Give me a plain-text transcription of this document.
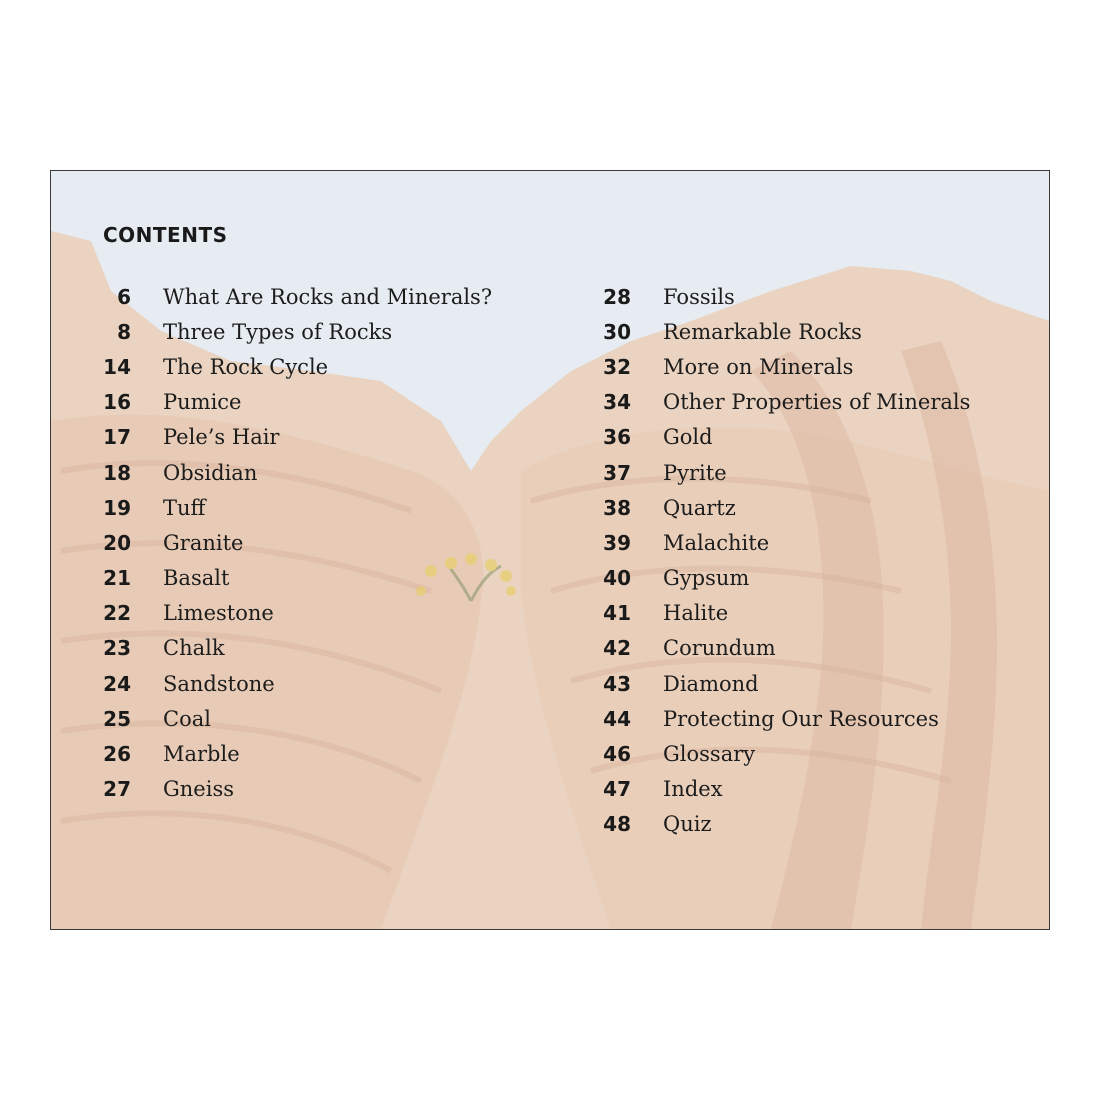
CONTENTS
6 What Are Rocks and Minerals?
8 Three Types of Rocks
14 The Rock Cycle
16 Pumice
17 Pele’s Hair
18 Obsidian
19 Tuff
20 Granite
21 Basalt
22 Limestone
23 Chalk
24 Sandstone
25 Coal
26 Marble
27 Gneiss
28 Fossils
30 Remarkable Rocks
32 More on Minerals
34 Other Properties of Minerals
36 Gold
37 Pyrite
38 Quartz
39 Malachite
40 Gypsum
41 Halite
42 Corundum
43 Diamond
44 Protecting Our Resources
46 Glossary
47 Index
48 Quiz
